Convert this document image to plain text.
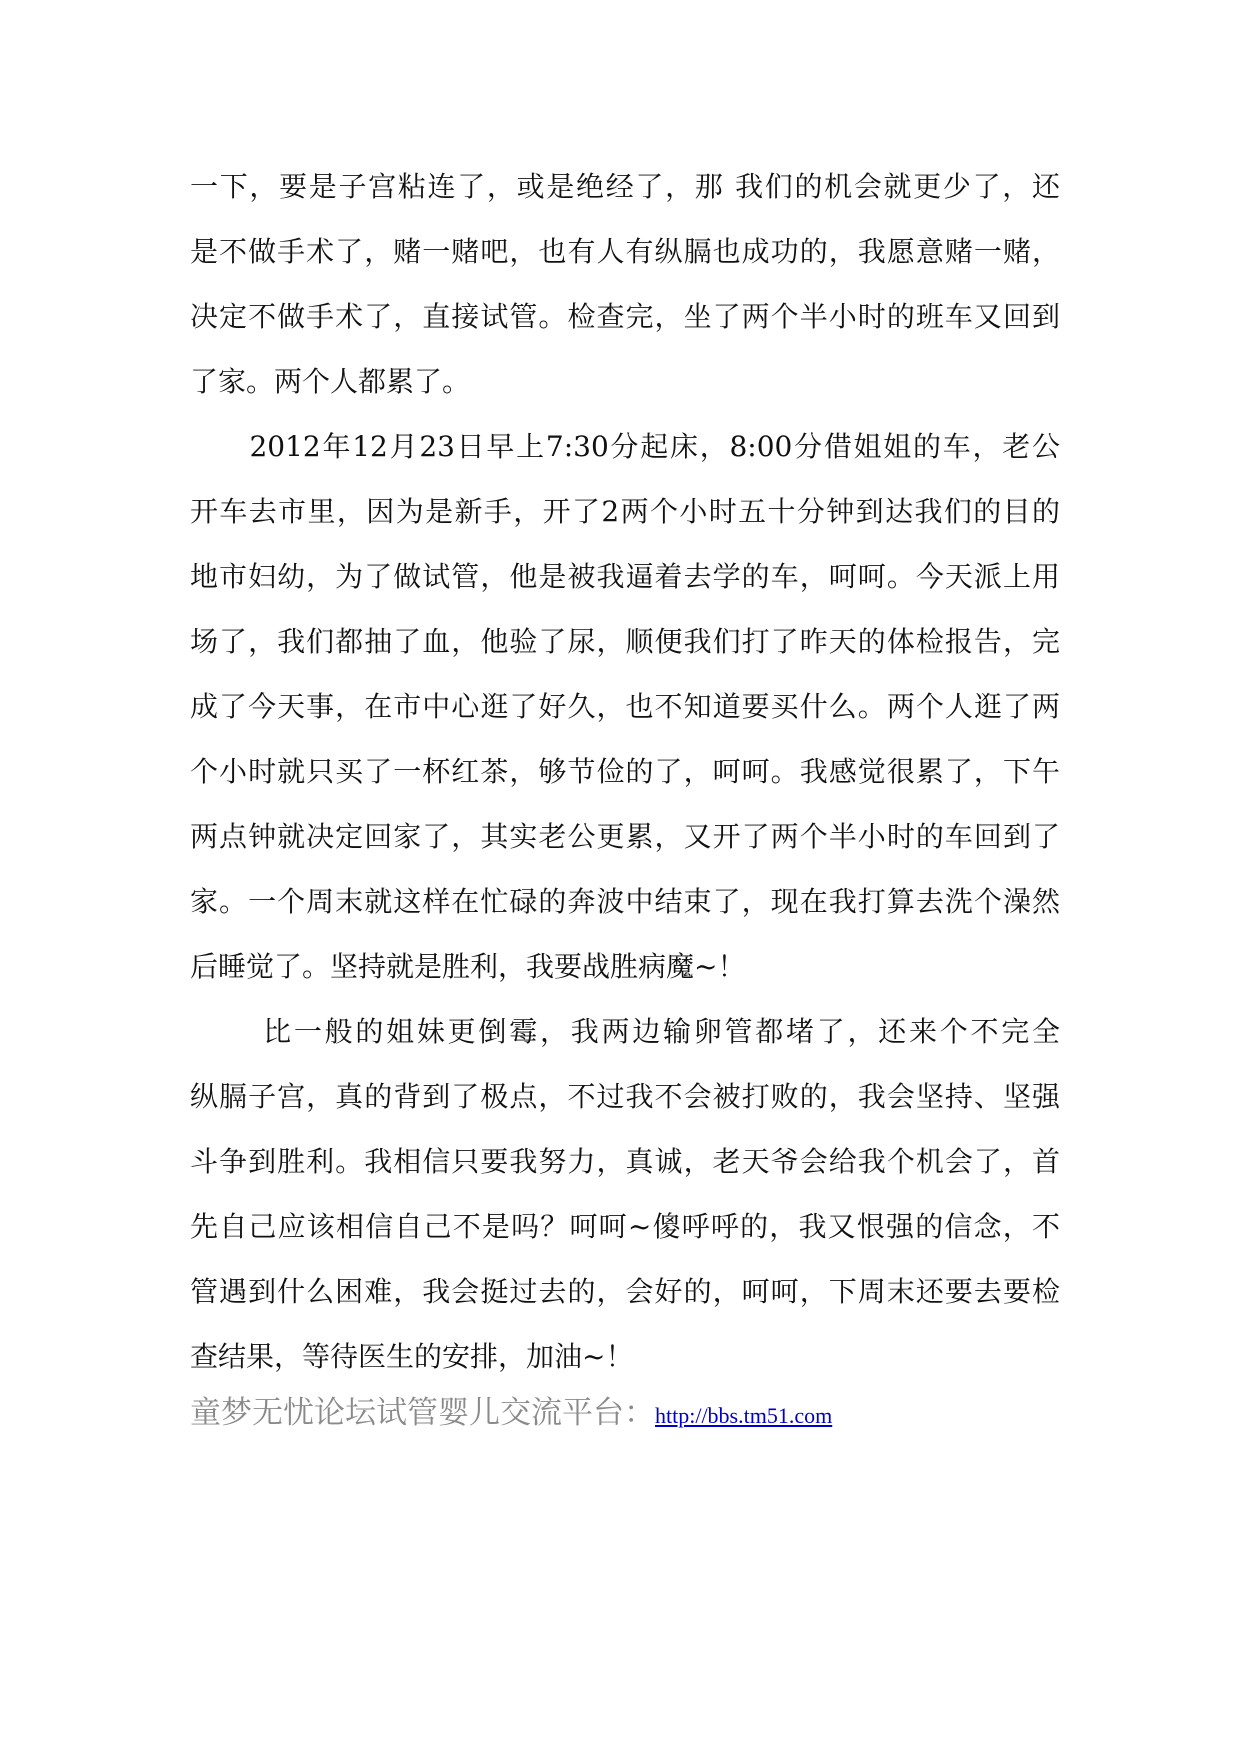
一下，要是子宫粘连了，或是绝经了，那 我们的机会就更少了，还
是不做手术了，赌一赌吧，也有人有纵膈也成功的，我愿意赌一赌，
决定不做手术了，直接试管。检查完，坐了两个半小时的班车又回到
了家。两个人都累了。
　　2012年12月23日早上7:30分起床，8:00分借姐姐的车，老公
开车去市里，因为是新手，开了2两个小时五十分钟到达我们的目的
地市妇幼，为了做试管，他是被我逼着去学的车，呵呵。今天派上用
场了，我们都抽了血，他验了尿，顺便我们打了昨天的体检报告，完
成了今天事，在市中心逛了好久，也不知道要买什么。两个人逛了两
个小时就只买了一杯红茶，够节俭的了，呵呵。我感觉很累了，下午
两点钟就决定回家了，其实老公更累，又开了两个半小时的车回到了
家。一个周末就这样在忙碌的奔波中结束了，现在我打算去洗个澡然
后睡觉了。坚持就是胜利，我要战胜病魔~！
　　 比一般的姐妹更倒霉，我两边输卵管都堵了，还来个不完全
纵膈子宫，真的背到了极点，不过我不会被打败的，我会坚持、坚强
斗争到胜利。我相信只要我努力，真诚，老天爷会给我个机会了，首
先自己应该相信自己不是吗？呵呵~傻呼呼的，我又恨强的信念，不
管遇到什么困难，我会挺过去的，会好的，呵呵，下周末还要去要检
查结果，等待医生的安排，加油~！
童梦无忧论坛试管婴儿交流平台：http://bbs.tm51.com
